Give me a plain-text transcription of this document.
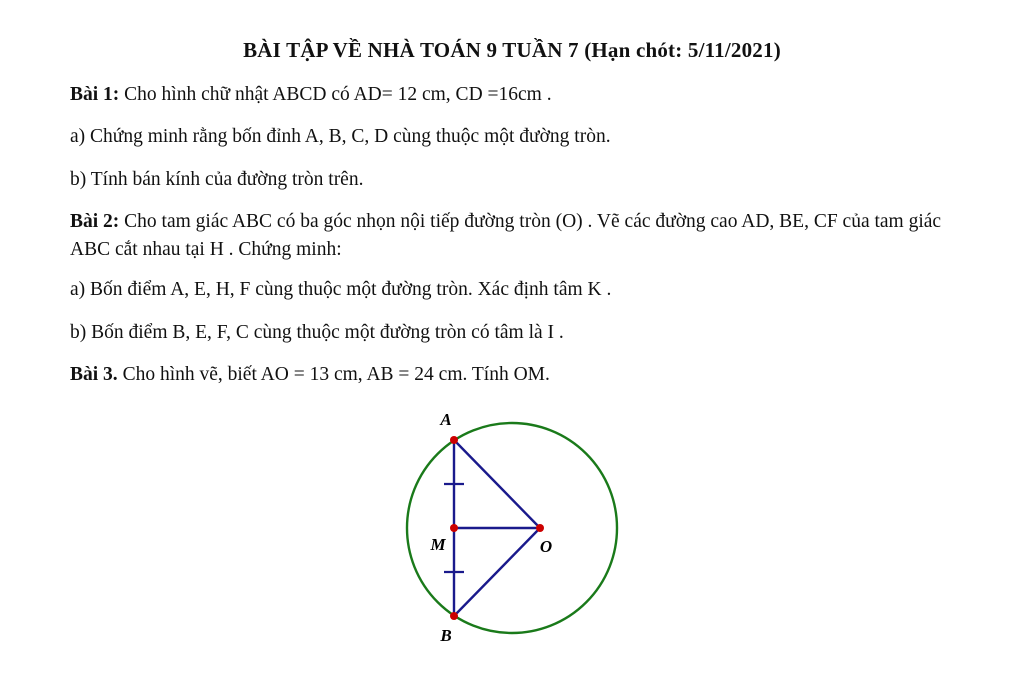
BÀI TẬP VỀ NHÀ TOÁN 9 TUẦN 7 (Hạn chót: 5/11/2021)

Bài 1: Cho hình chữ nhật ABCD có AD= 12 cm, CD =16cm .

a) Chứng minh rằng bốn đỉnh A, B, C, D cùng thuộc một đường tròn.

b) Tính bán kính của đường tròn trên.

Bài 2: Cho tam giác ABC có ba góc nhọn nội tiếp đường tròn (O) . Vẽ các đường cao AD, BE, CF của tam giác ABC cắt nhau tại H . Chứng minh:

a) Bốn điểm A, E, H, F cùng thuộc một đường tròn. Xác định tâm K .

b) Bốn điểm B, E, F, C cùng thuộc một đường tròn có tâm là I .

Bài 3. Cho hình vẽ, biết AO = 13 cm, AB = 24 cm. Tính OM.

A
B
M	O
